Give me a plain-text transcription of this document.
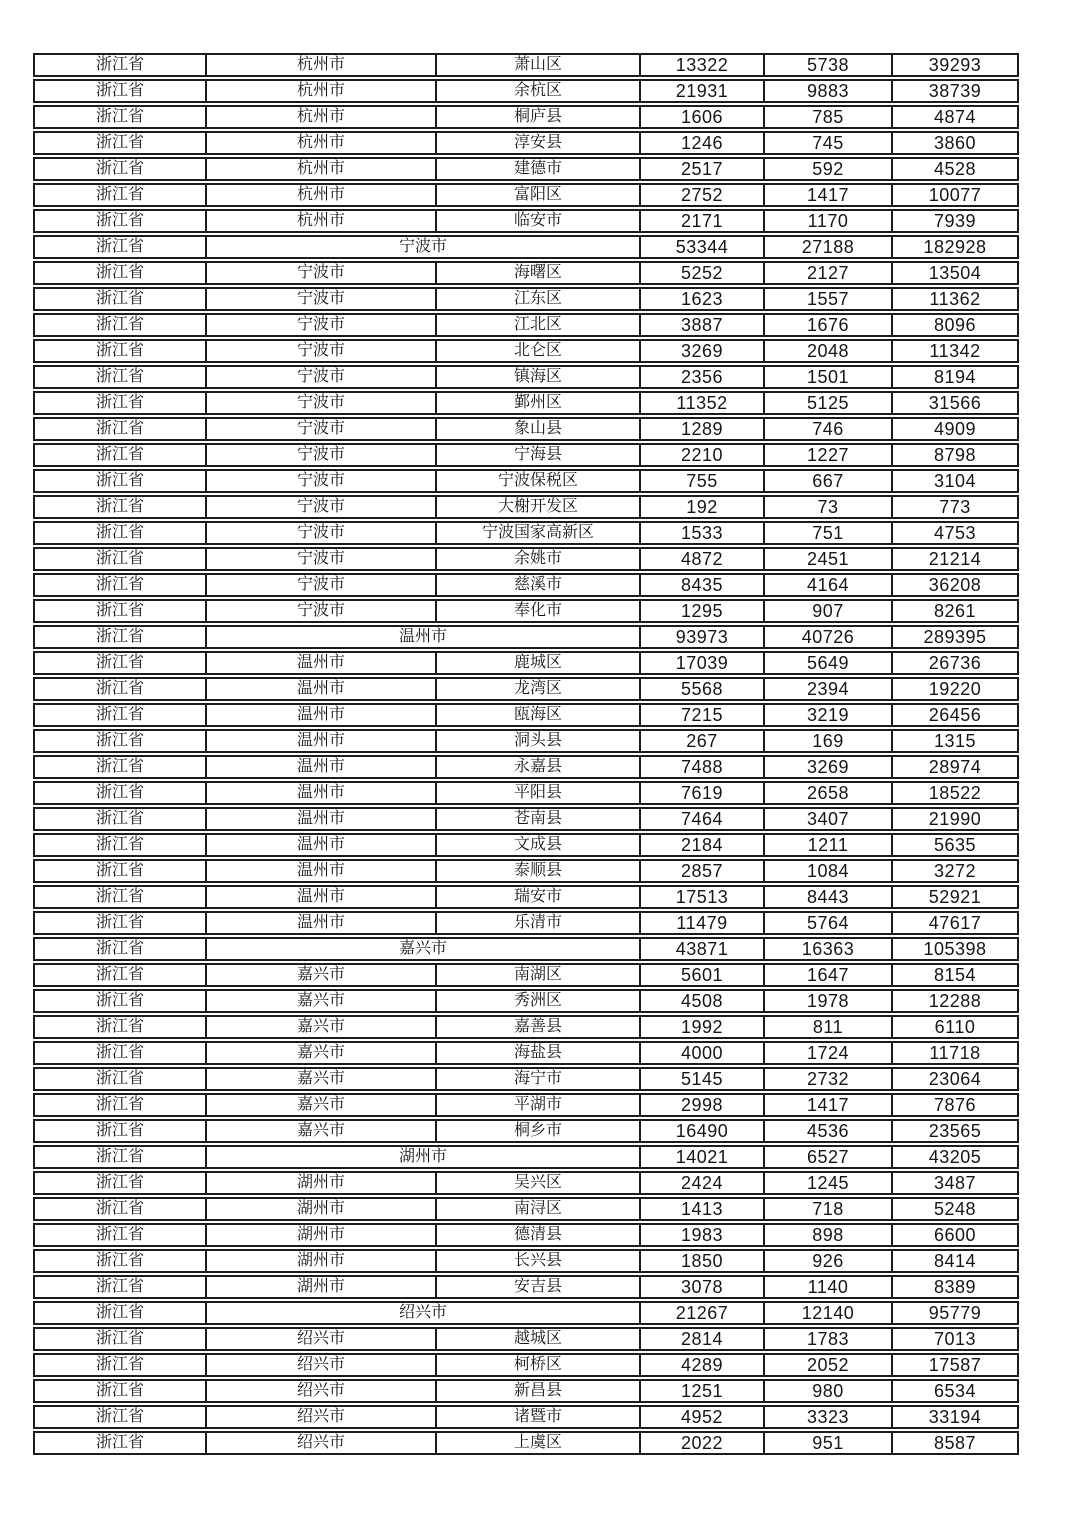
浙江省	杭州市	萧山区	13322	5738	39293
浙江省	杭州市	余杭区	21931	9883	38739
浙江省	杭州市	桐庐县	1606	785	4874
浙江省	杭州市	淳安县	1246	745	3860
浙江省	杭州市	建德市	2517	592	4528
浙江省	杭州市	富阳区	2752	1417	10077
浙江省	杭州市	临安市	2171	1170	7939
浙江省	宁波市	53344	27188	182928
浙江省	宁波市	海曙区	5252	2127	13504
浙江省	宁波市	江东区	1623	1557	11362
浙江省	宁波市	江北区	3887	1676	8096
浙江省	宁波市	北仑区	3269	2048	11342
浙江省	宁波市	镇海区	2356	1501	8194
浙江省	宁波市	鄞州区	11352	5125	31566
浙江省	宁波市	象山县	1289	746	4909
浙江省	宁波市	宁海县	2210	1227	8798
浙江省	宁波市	宁波保税区	755	667	3104
浙江省	宁波市	大榭开发区	192	73	773
浙江省	宁波市	宁波国家高新区	1533	751	4753
浙江省	宁波市	余姚市	4872	2451	21214
浙江省	宁波市	慈溪市	8435	4164	36208
浙江省	宁波市	奉化市	1295	907	8261
浙江省	温州市	93973	40726	289395
浙江省	温州市	鹿城区	17039	5649	26736
浙江省	温州市	龙湾区	5568	2394	19220
浙江省	温州市	瓯海区	7215	3219	26456
浙江省	温州市	洞头县	267	169	1315
浙江省	温州市	永嘉县	7488	3269	28974
浙江省	温州市	平阳县	7619	2658	18522
浙江省	温州市	苍南县	7464	3407	21990
浙江省	温州市	文成县	2184	1211	5635
浙江省	温州市	泰顺县	2857	1084	3272
浙江省	温州市	瑞安市	17513	8443	52921
浙江省	温州市	乐清市	11479	5764	47617
浙江省	嘉兴市	43871	16363	105398
浙江省	嘉兴市	南湖区	5601	1647	8154
浙江省	嘉兴市	秀洲区	4508	1978	12288
浙江省	嘉兴市	嘉善县	1992	811	6110
浙江省	嘉兴市	海盐县	4000	1724	11718
浙江省	嘉兴市	海宁市	5145	2732	23064
浙江省	嘉兴市	平湖市	2998	1417	7876
浙江省	嘉兴市	桐乡市	16490	4536	23565
浙江省	湖州市	14021	6527	43205
浙江省	湖州市	吴兴区	2424	1245	3487
浙江省	湖州市	南浔区	1413	718	5248
浙江省	湖州市	德清县	1983	898	6600
浙江省	湖州市	长兴县	1850	926	8414
浙江省	湖州市	安吉县	3078	1140	8389
浙江省	绍兴市	21267	12140	95779
浙江省	绍兴市	越城区	2814	1783	7013
浙江省	绍兴市	柯桥区	4289	2052	17587
浙江省	绍兴市	新昌县	1251	980	6534
浙江省	绍兴市	诸暨市	4952	3323	33194
浙江省	绍兴市	上虞区	2022	951	8587
